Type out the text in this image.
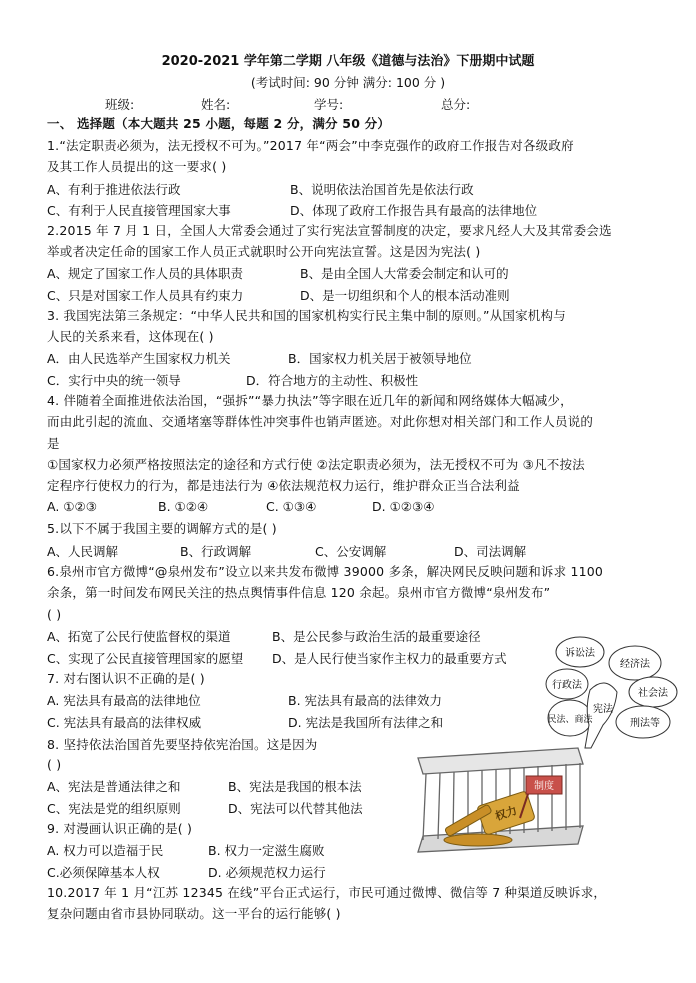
2020-2021 学年第二学期 八年级《道德与法治》下册期中试题
(考试时间: 90 分钟 满分: 100 分 )
班级:	姓名:	学号:	总分:
一、 选择题（本大题共 25 小题，每题 2 分，满分 50 分）
1.“法定职责必须为，法无授权不可为。”2017 年“两会”中李克强作的政府工作报告对各级政府
及其工作人员提出的这一要求( )
A、有利于推进依法行政	B、说明依法治国首先是依法行政
C、有利于人民直接管理国家大事	D、体现了政府工作报告具有最高的法律地位
2.2015 年 7 月 1 日，全国人大常委会通过了实行宪法宣誓制度的决定，要求凡经人大及其常委会选
举或者决定任命的国家工作人员正式就职时公开向宪法宣誓。这是因为宪法( )
A、规定了国家工作人员的具体职责	B、是由全国人大常委会制定和认可的
C、只是对国家工作人员具有约束力	D、是一切组织和个人的根本活动准则
3. 我国宪法第三条规定：“中华人民共和国的国家机构实行民主集中制的原则。”从国家机构与
人民的关系来看，这体现在( )
A．由人民选举产生国家权力机关	B．国家权力机关居于被领导地位
C．实行中央的统一领导	D．符合地方的主动性、积极性
4. 伴随着全面推进依法治国，“强拆”“暴力执法”等字眼在近几年的新闻和网络媒体大幅减少，
而由此引起的流血、交通堵塞等群体性冲突事件也销声匿迹。对此你想对相关部门和工作人员说的
是
①国家权力必须严格按照法定的途径和方式行使 ②法定职责必须为，法无授权不可为 ③凡不按法
定程序行使权力的行为，都是违法行为 ④依法规范权力运行，维护群众正当合法利益
A. ①②③	B. ①②④	C. ①③④	D. ①②③④
5.以下不属于我国主要的调解方式的是( )
A、人民调解	B、行政调解	C、公安调解	D、司法调解
6.泉州市官方微博“@泉州发布”设立以来共发布微博 39000 多条，解决网民反映问题和诉求 1100
余条，第一时间发布网民关注的热点舆情事件信息 120 余起。泉州市官方微博“泉州发布”
( )
A、拓宽了公民行使监督权的渠道	B、是公民参与政治生活的最重要途径
C、实现了公民直接管理国家的愿望 D、是人民行使当家作主权力的最重要方式
7. 对右图认识不正确的是( )
A. 宪法具有最高的法律地位	B. 宪法具有最高的法律效力
C. 宪法具有最高的法律权威	D. 宪法是我国所有法律之和
8. 坚持依法治国首先要坚持依宪治国。这是因为
( )
A、宪法是普通法律之和	B、宪法是我国的根本法
C、宪法是党的组织原则	D、宪法可以代替其他法
9. 对漫画认识正确的是( )
A. 权力可以造福于民	B. 权力一定滋生腐败
C.必须保障基本人权	D. 必须规范权力运行
10.2017 年 1 月“江苏 12345 在线”平台正式运行，市民可通过微博、微信等 7 种渠道反映诉求，
复杂问题由省市县协同联动。这一平台的运行能够( )
诉讼法
经济法
社会法
刑法等
民法、商法
行政法
宪法
权力
制度
